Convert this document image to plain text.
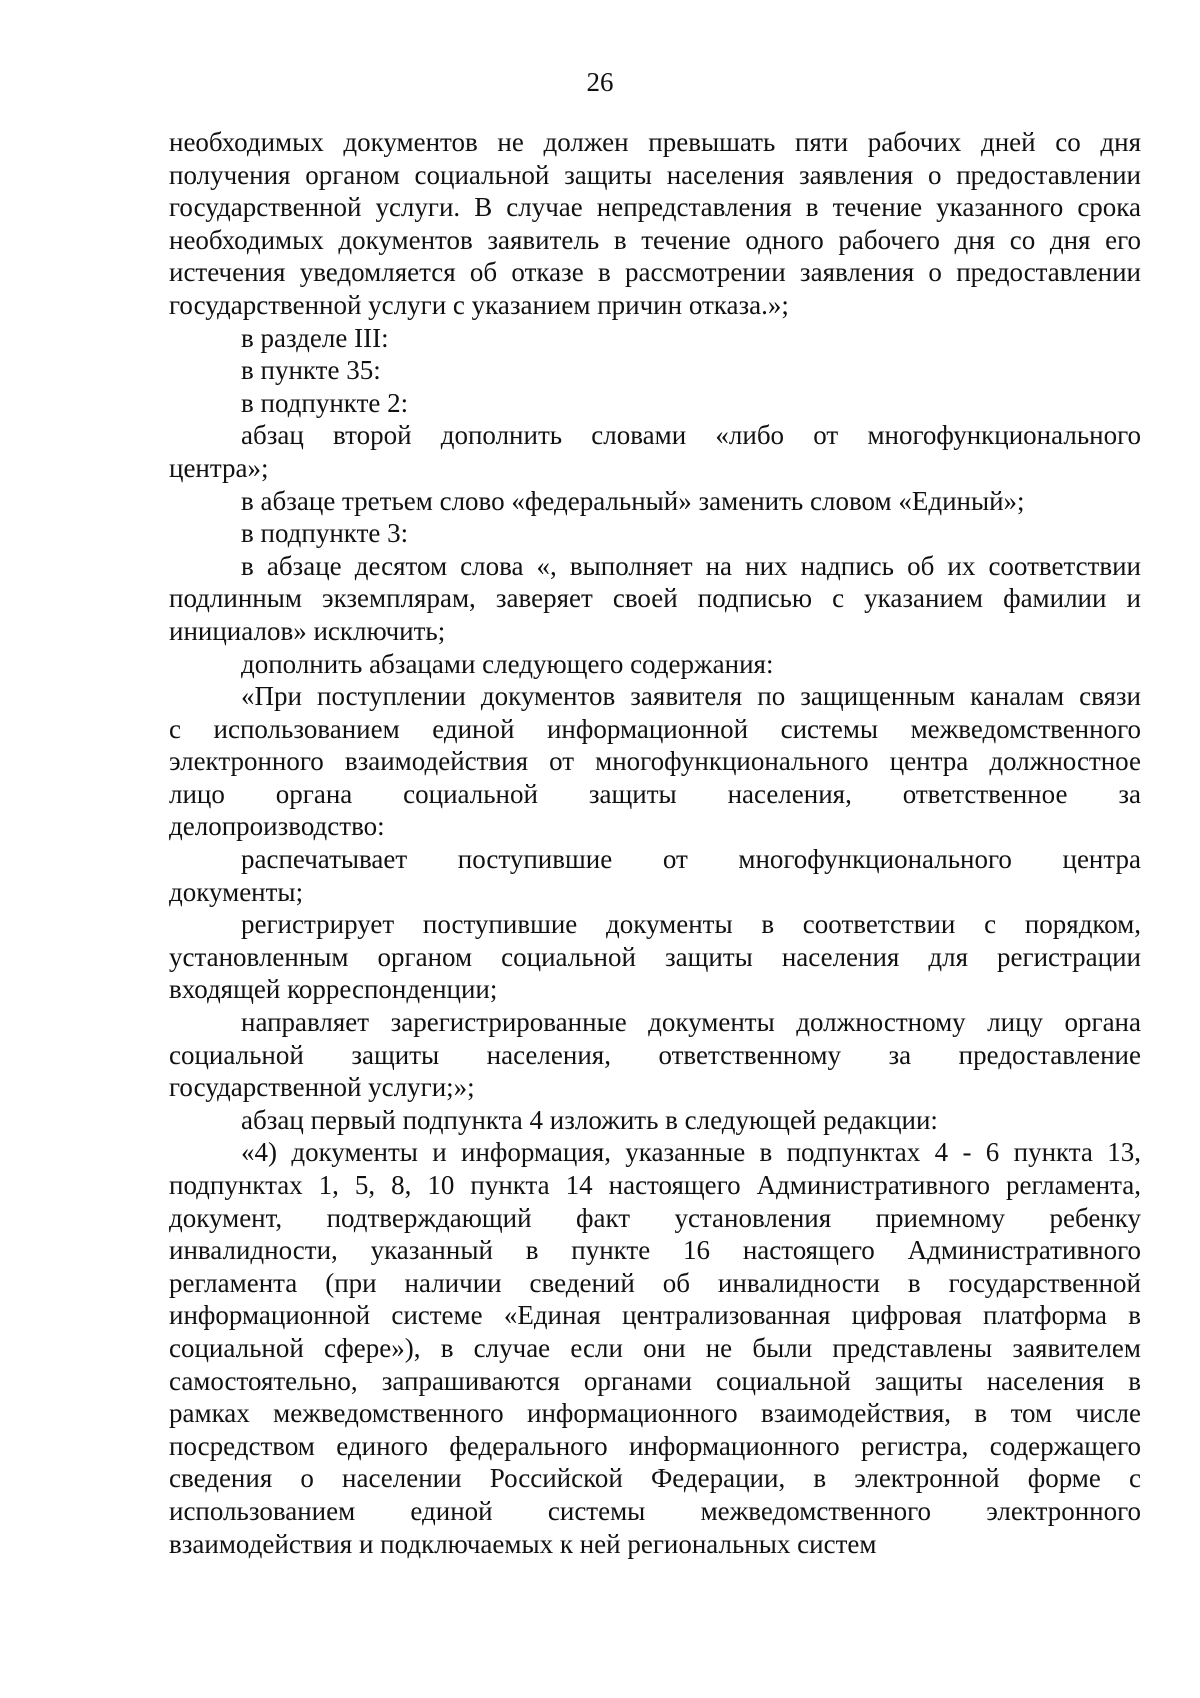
26
необходимых документов не должен превышать пяти рабочих дней со дня
получения органом социальной защиты населения заявления о предоставлении
государственной услуги. В случае непредставления в течение указанного срока
необходимых документов заявитель в течение одного рабочего дня со дня его
истечения уведомляется об отказе в рассмотрении заявления о предоставлении
государственной услуги с указанием причин отказа.»;
в разделе III:
в пункте 35:
в подпункте 2:
абзац второй дополнить словами «либо от многофункционального
центра»;
в абзаце третьем слово «федеральный» заменить словом «Единый»;
в подпункте 3:
в абзаце десятом слова «, выполняет на них надпись об их соответствии
подлинным экземплярам, заверяет своей подписью с указанием фамилии и
инициалов» исключить;
дополнить абзацами следующего содержания:
«При поступлении документов заявителя по защищенным каналам связи
с использованием единой информационной системы межведомственного
электронного взаимодействия от многофункционального центра должностное
лицо органа социальной защиты населения, ответственное за
делопроизводство:
распечатывает поступившие от многофункционального центра
документы;
регистрирует поступившие документы в соответствии с порядком,
установленным органом социальной защиты населения для регистрации
входящей корреспонденции;
направляет зарегистрированные документы должностному лицу органа
социальной защиты населения, ответственному за предоставление
государственной услуги;»;
абзац первый подпункта 4 изложить в следующей редакции:
«4) документы и информация, указанные в подпунктах 4 - 6 пункта 13,
подпунктах 1, 5, 8, 10 пункта 14 настоящего Административного регламента,
документ, подтверждающий факт установления приемному ребенку
инвалидности, указанный в пункте 16 настоящего Административного
регламента (при наличии сведений об инвалидности в государственной
информационной системе «Единая централизованная цифровая платформа в
социальной сфере»), в случае если они не были представлены заявителем
самостоятельно, запрашиваются органами социальной защиты населения в
рамках межведомственного информационного взаимодействия, в том числе
посредством единого федерального информационного регистра, содержащего
сведения о населении Российской Федерации, в электронной форме с
использованием единой системы межведомственного электронного
взаимодействия и подключаемых к ней региональных систем
